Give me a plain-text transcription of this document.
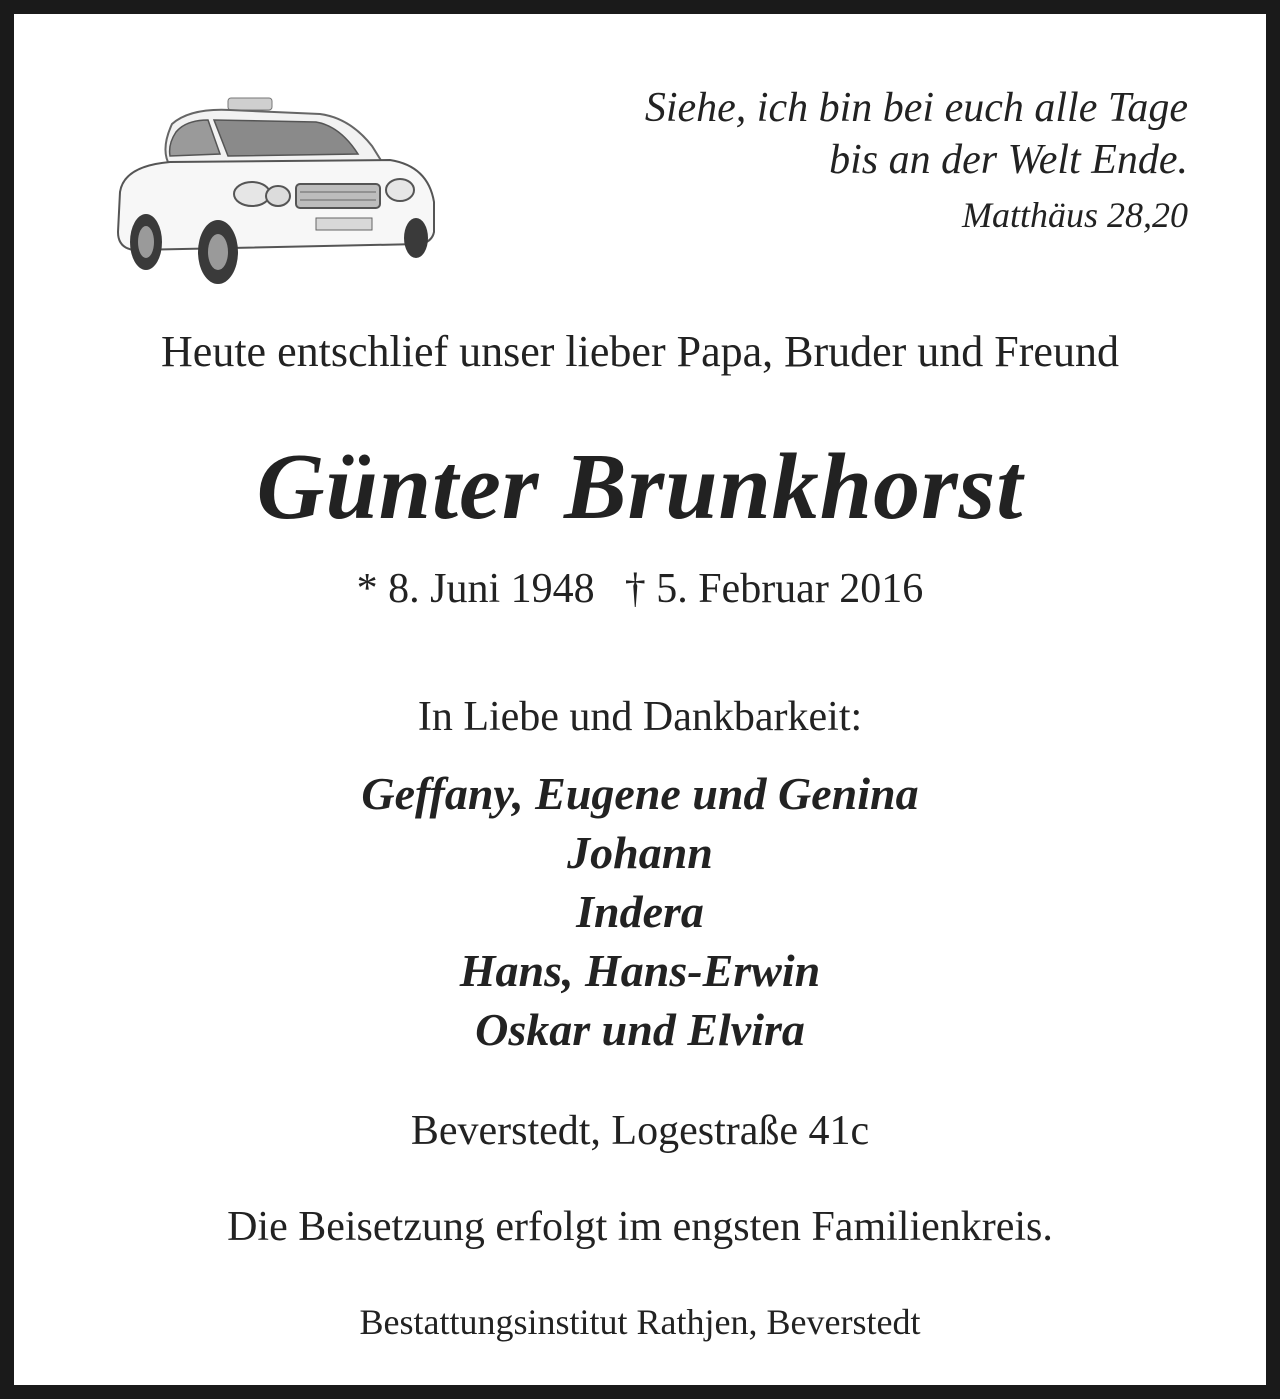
Siehe, ich bin bei euch alle Tage
bis an der Welt Ende.
Matthäus 28,20
Heute entschlief unser lieber Papa, Bruder und Freund
Günter Brunkhorst
* 8. Juni 1948 † 5. Februar 2016
In Liebe und Dankbarkeit:
Geffany, Eugene und Genina
Johann
Indera
Hans, Hans-Erwin
Oskar und Elvira
Beverstedt, Logestraße 41c
Die Beisetzung erfolgt im engsten Familienkreis.
Bestattungsinstitut Rathjen, Beverstedt
